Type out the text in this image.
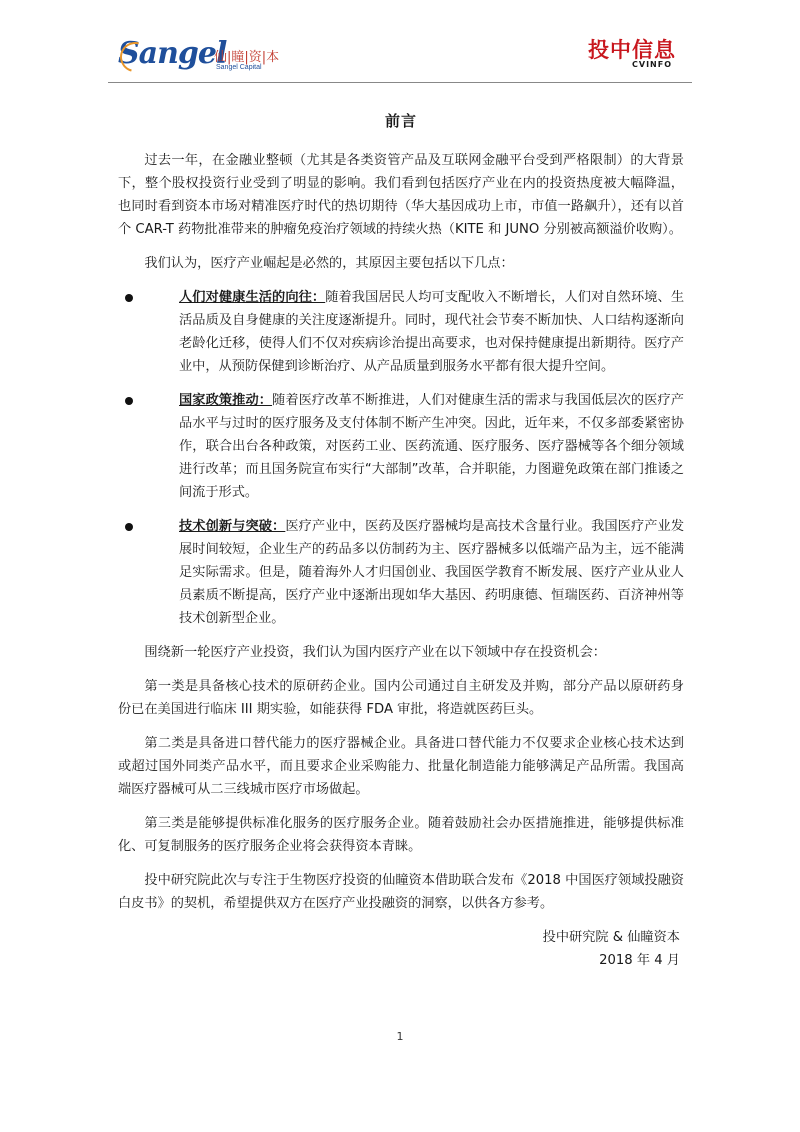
Sangel
仙|瞳|资|本
Sangel Capital
投中信息
CVINFO
前言

过去一年，在金融业整顿（尤其是各类资管产品及互联网金融平台受到严格限制）的大背景下，整个股权投资行业受到了明显的影响。我们看到包括医疗产业在内的投资热度被大幅降温，也同时看到资本市场对精准医疗时代的热切期待（华大基因成功上市，市值一路飙升），还有以首个 CAR-T 药物批准带来的肿瘤免疫治疗领域的持续火热（KITE 和 JUNO 分别被高额溢价收购）。

我们认为，医疗产业崛起是必然的，其原因主要包括以下几点：

人们对健康生活的向往：随着我国居民人均可支配收入不断增长，人们对自然环境、生活品质及自身健康的关注度逐渐提升。同时，现代社会节奏不断加快、人口结构逐渐向老龄化迁移，使得人们不仅对疾病诊治提出高要求，也对保持健康提出新期待。医疗产业中，从预防保健到诊断治疗、从产品质量到服务水平都有很大提升空间。
国家政策推动：随着医疗改革不断推进，人们对健康生活的需求与我国低层次的医疗产品水平与过时的医疗服务及支付体制不断产生冲突。因此，近年来，不仅多部委紧密协作，联合出台各种政策，对医药工业、医药流通、医疗服务、医疗器械等各个细分领域进行改革；而且国务院宣布实行“大部制”改革，合并职能，力图避免政策在部门推诿之间流于形式。
技术创新与突破：医疗产业中，医药及医疗器械均是高技术含量行业。我国医疗产业发展时间较短，企业生产的药品多以仿制药为主、医疗器械多以低端产品为主，远不能满足实际需求。但是，随着海外人才归国创业、我国医学教育不断发展、医疗产业从业人员素质不断提高，医疗产业中逐渐出现如华大基因、药明康德、恒瑞医药、百济神州等技术创新型企业。

围绕新一轮医疗产业投资，我们认为国内医疗产业在以下领域中存在投资机会：

第一类是具备核心技术的原研药企业。国内公司通过自主研发及并购，部分产品以原研药身份已在美国进行临床 III 期实验，如能获得 FDA 审批，将造就医药巨头。

第二类是具备进口替代能力的医疗器械企业。具备进口替代能力不仅要求企业核心技术达到或超过国外同类产品水平，而且要求企业采购能力、批量化制造能力能够满足产品所需。我国高端医疗器械可从二三线城市医疗市场做起。

第三类是能够提供标准化服务的医疗服务企业。随着鼓励社会办医措施推进，能够提供标准化、可复制服务的医疗服务企业将会获得资本青睐。

投中研究院此次与专注于生物医疗投资的仙瞳资本借助联合发布《2018 中国医疗领域投融资白皮书》的契机，希望提供双方在医疗产业投融资的洞察，以供各方参考。

投中研究院 & 仙瞳资本

2018 年 4 月

1
